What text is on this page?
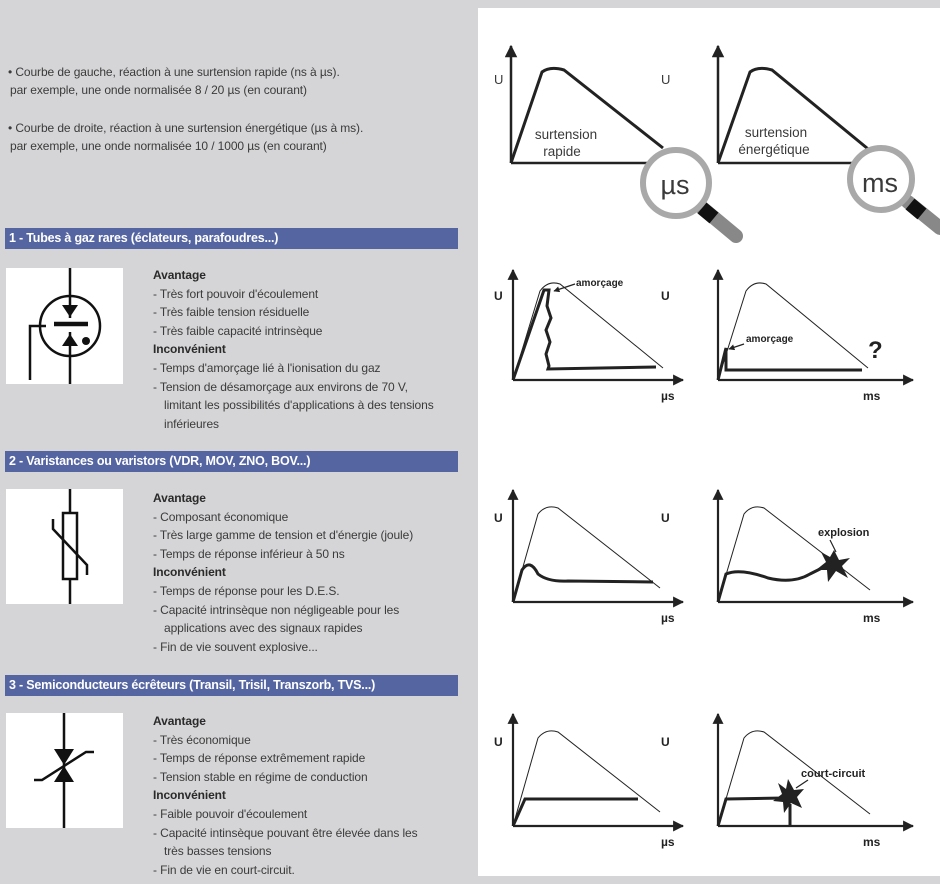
• Courbe de gauche, réaction à une surtension rapide (ns à µs).
par exemple, une onde normalisée 8 / 20 µs (en courant)
• Courbe de droite, réaction à une surtension énergétique (µs à ms).
par exemple, une onde normalisée 10 / 1000 µs (en courant)
1 - Tubes à gaz rares (éclateurs, parafoudres...)
Avantage
- Très fort pouvoir d'écoulement
- Très faible tension résiduelle
- Très faible capacité intrinsèque
Inconvénient
- Temps d'amorçage lié à l'ionisation du gaz
- Tension de désamorçage aux environs de 70 V,
limitant les possibilités d'applications à des tensions
inférieures
2 - Varistances ou varistors (VDR, MOV, ZNO, BOV...)
Avantage
- Composant économique
- Très large gamme de tension et d'énergie (joule)
- Temps de réponse inférieur à 50 ns
Inconvénient
- Temps de réponse pour les D.E.S.
- Capacité intrinsèque non négligeable pour les
applications avec des signaux rapides
- Fin de vie souvent explosive...
3 - Semiconducteurs écrêteurs (Transil, Trisil, Transzorb, TVS...)
Avantage
- Très économique
- Temps de réponse extrêmement rapide
- Tension stable en régime de conduction
Inconvénient
- Faible pouvoir d'écoulement
- Capacité intinsèque pouvant être élevée dans les
très basses tensions
- Fin de vie en court-circuit.
U
surtension
rapide
µs
U
surtension
énergétique
ms
U
µs
amorçage
U
ms
amorçage	?
U
µs
U
ms
explosion
U
µs
U
ms
court-circuit
